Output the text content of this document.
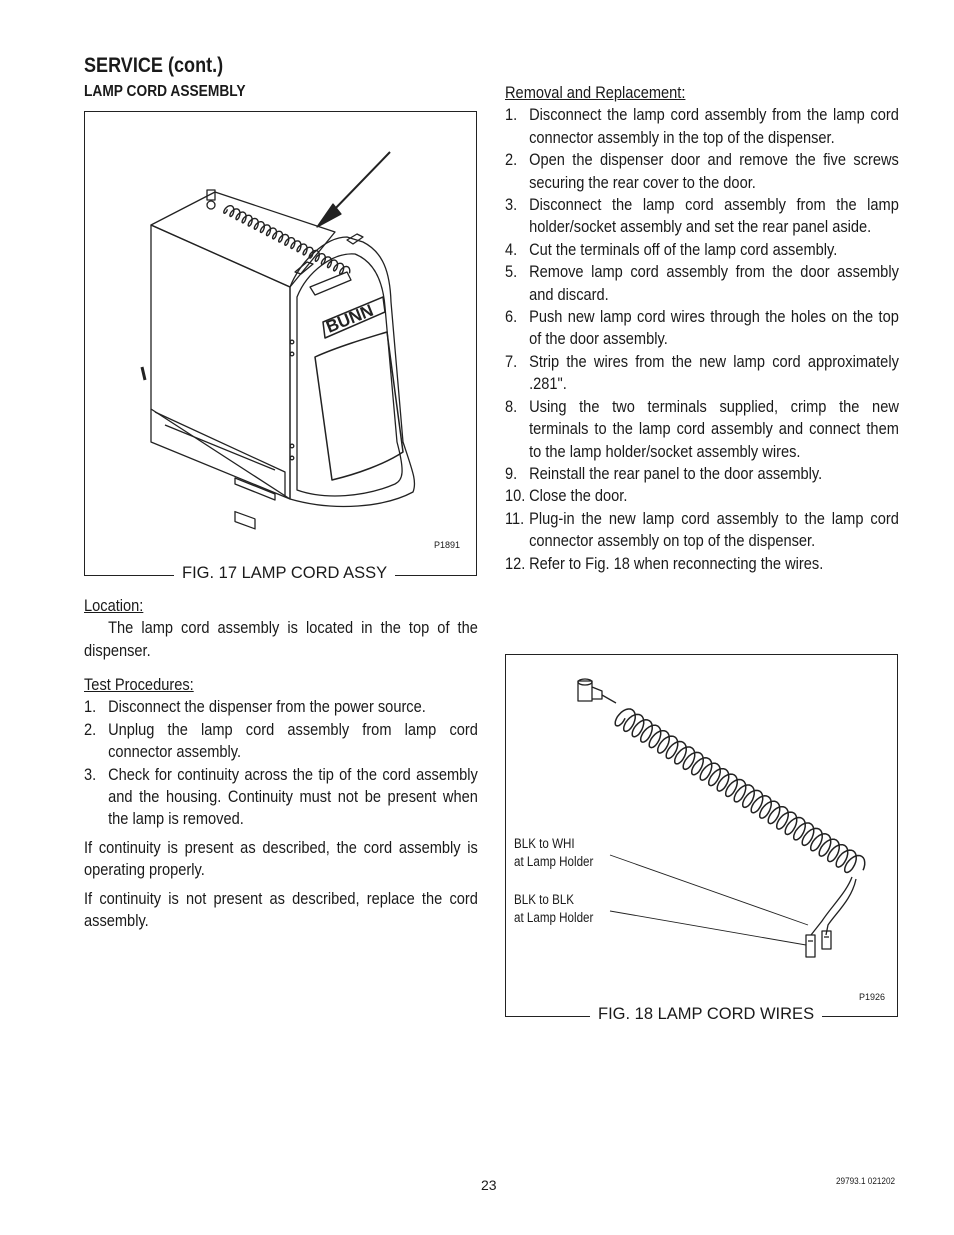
SERVICE (cont.)
LAMP CORD ASSEMBLY
BUNN
P1891
FIG. 17 LAMP CORD ASSY
Location:
The lamp cord assembly is located in the top of the dispenser.
Test Procedures:
1. Disconnect the dispenser from the power source.
2. Unplug the lamp cord assembly from lamp cord connector assembly.
3. Check for continuity across the tip of the cord assembly and the housing. Continuity must not be present when the lamp is removed.

If continuity is present as described, the cord assembly is operating properly.

If continuity is not present as described, replace the cord assembly.

Removal and Replacement:
1. Disconnect the lamp cord assembly from the lamp cord connector assembly in the top of the dispenser.
2. Open the dispenser door and remove the five screws securing the rear cover to the door.
3. Disconnect the lamp cord assembly from the lamp holder/socket assembly and set the rear panel aside.
4. Cut the terminals off of the lamp cord assembly.
5. Remove lamp cord assembly from the door assembly and discard.
6. Push new lamp cord wires through the holes on the top of the door assembly.
7. Strip the wires from the new lamp cord approximately .281".
8. Using the two terminals supplied, crimp the new terminals to the lamp cord assembly and connect them to the lamp holder/socket assembly wires.
9. Reinstall the rear panel to the door assembly.
10. Close the door.
11. Plug-in the new lamp cord assembly to the lamp cord connector assembly on top of the dispenser.
12. Refer to Fig. 18 when reconnecting the wires.
BLK to WHI
at Lamp Holder
BLK to BLK
at Lamp Holder
P1926
FIG. 18 LAMP CORD WIRES
23	29793.1 021202
